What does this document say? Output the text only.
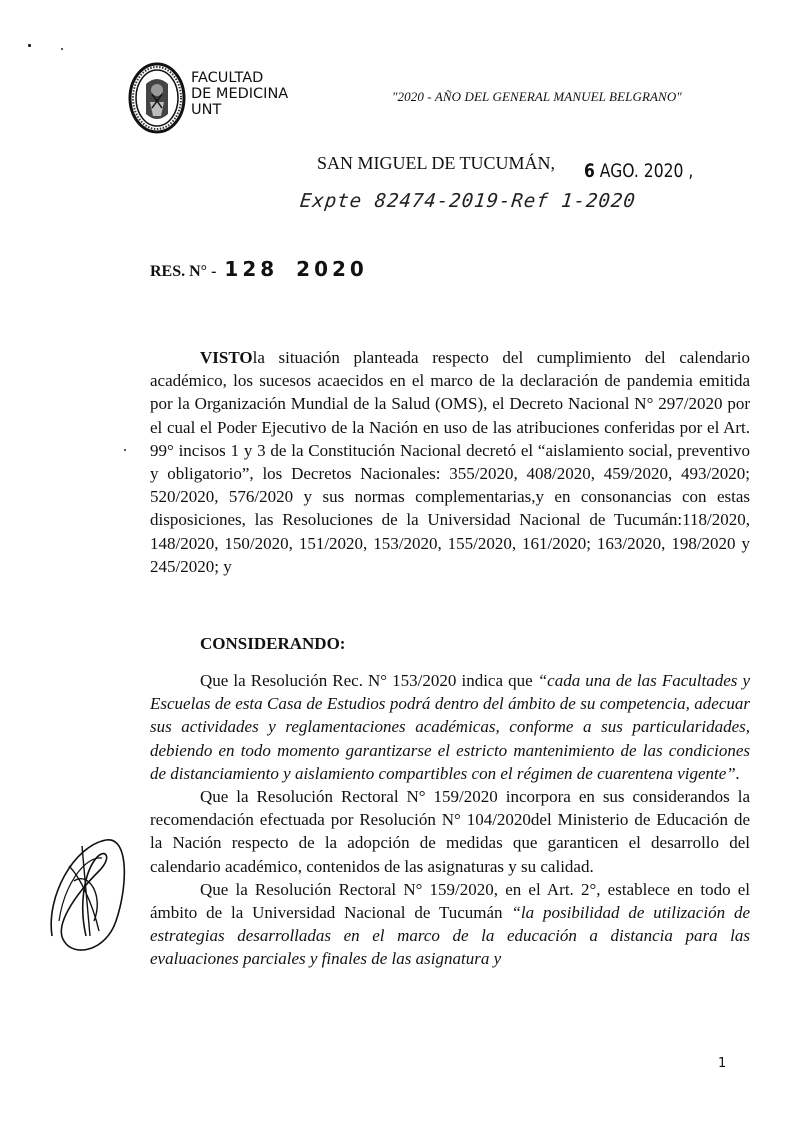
FACULTAD
DE MEDICINA
UNT
"2020 - AÑO DEL GENERAL MANUEL BELGRANO"
SAN MIGUEL DE TUCUMÁN, 6 AGO. 2020 ,
Expte 82474-2019-Ref 1-2020
RES. N° - 128 2020

VISTOla situación planteada respecto del cumplimiento del calendario académico, los sucesos acaecidos en el marco de la declaración de pandemia emitida por la Organización Mundial de la Salud (OMS), el Decreto Nacional N° 297/2020 por el cual el Poder Ejecutivo de la Nación en uso de las atribuciones conferidas por el Art. 99° incisos 1 y 3 de la Constitución Nacional decretó el “aislamiento social, preventivo y obligatorio”, los Decretos Nacionales: 355/2020, 408/2020, 459/2020, 493/2020; 520/2020, 576/2020 y sus normas complementarias,y en consonancias con estas disposiciones, las Resoluciones de la Universidad Nacional de Tucumán:118/2020, 148/2020, 150/2020, 151/2020, 153/2020, 155/2020, 161/2020; 163/2020, 198/2020 y 245/2020; y

CONSIDERANDO:

Que la Resolución Rec. N° 153/2020 indica que “cada una de las Facultades y Escuelas de esta Casa de Estudios podrá dentro del ámbito de su competencia, adecuar sus actividades y reglamentaciones académicas, conforme a sus particularidades, debiendo en todo momento garantizarse el estricto mantenimiento de las condiciones de distanciamiento y aislamiento compartibles con el régimen de cuarentena vigente”.

Que la Resolución Rectoral N° 159/2020 incorpora en sus considerandos la recomendación efectuada por Resolución N° 104/2020del Ministerio de Educación de la Nación respecto de la adopción de medidas que garanticen el desarrollo del calendario académico, contenidos de las asignaturas y su calidad.

Que la Resolución Rectoral N° 159/2020, en el Art. 2°, establece en todo el ámbito de la Universidad Nacional de Tucumán “la posibilidad de utilización de estrategias desarrolladas en el marco de la educación a distancia para las evaluaciones parciales y finales de las asignatura y

1
